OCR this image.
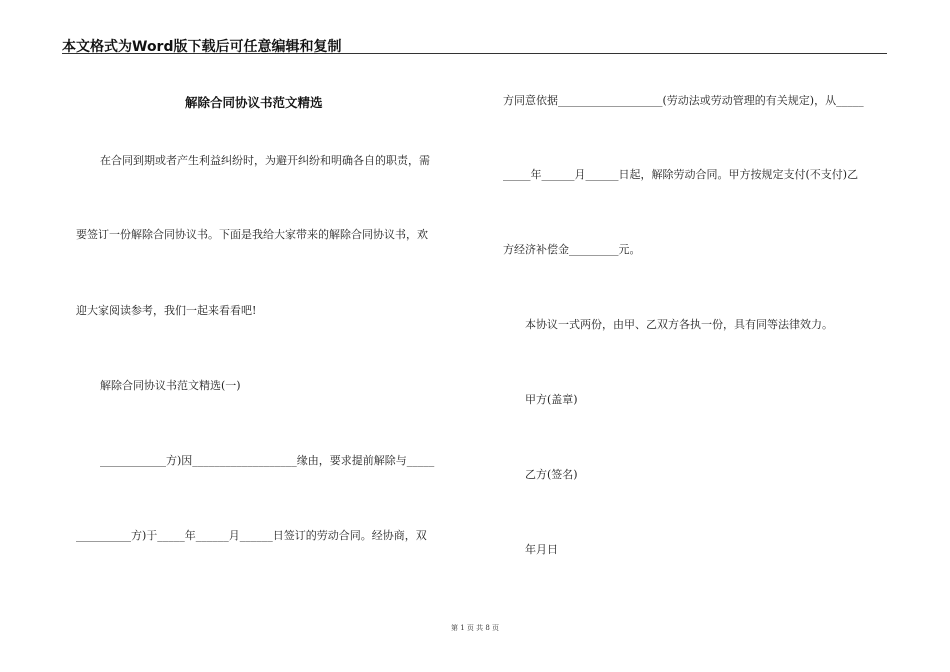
本文格式为Word版下载后可任意编辑和复制
解除合同协议书范文精选
在合同到期或者产生利益纠纷时，为避开纠纷和明确各自的职责，需
要签订一份解除合同协议书。下面是我给大家带来的解除合同协议书，欢
迎大家阅读参考，我们一起来看看吧!
解除合同协议书范文精选(一)
____________方)因___________________缘由，要求提前解除与_____
__________方)于_____年______月______日签订的劳动合同。经协商，双
方同意依据___________________(劳动法或劳动管理的有关规定)，从_____
_____年______月______日起，解除劳动合同。甲方按规定支付(不支付)乙
方经济补偿金_________元。
本协议一式两份，由甲、乙双方各执一份，具有同等法律效力。
甲方(盖章)
乙方(签名)
年月日
第 1 页 共 8 页
